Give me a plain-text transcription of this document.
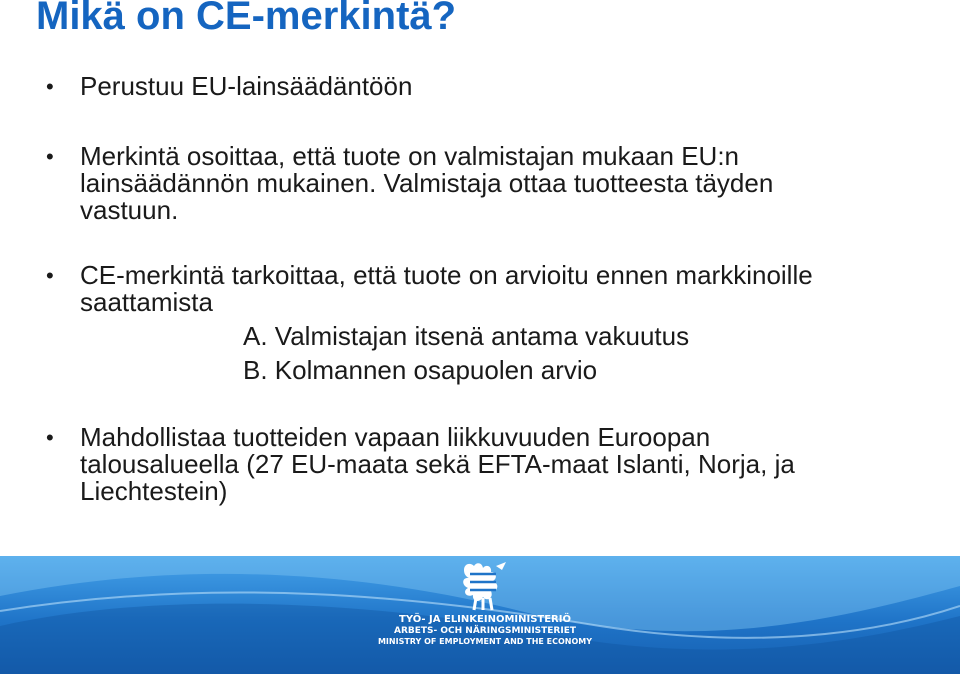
Mikä on CE-merkintä?
• Perustuu EU-lainsäädäntöön
• Merkintä osoittaa, että tuote on valmistajan mukaan EU:n
lainsäädännön mukainen. Valmistaja ottaa tuotteesta täyden
vastuun.
• CE-merkintä tarkoittaa, että tuote on arvioitu ennen markkinoille
saattamista
A. Valmistajan itsenä antama vakuutus
B. Kolmannen osapuolen arvio
• Mahdollistaa tuotteiden vapaan liikkuvuuden Euroopan
talousalueella (27 EU-maata sekä EFTA-maat Islanti, Norja, ja
Liechtestein)
TYÖ- JA ELINKEINOMINISTERIÖ
ARBETS- OCH NÄRINGSMINISTERIET
MINISTRY OF EMPLOYMENT AND THE ECONOMY
